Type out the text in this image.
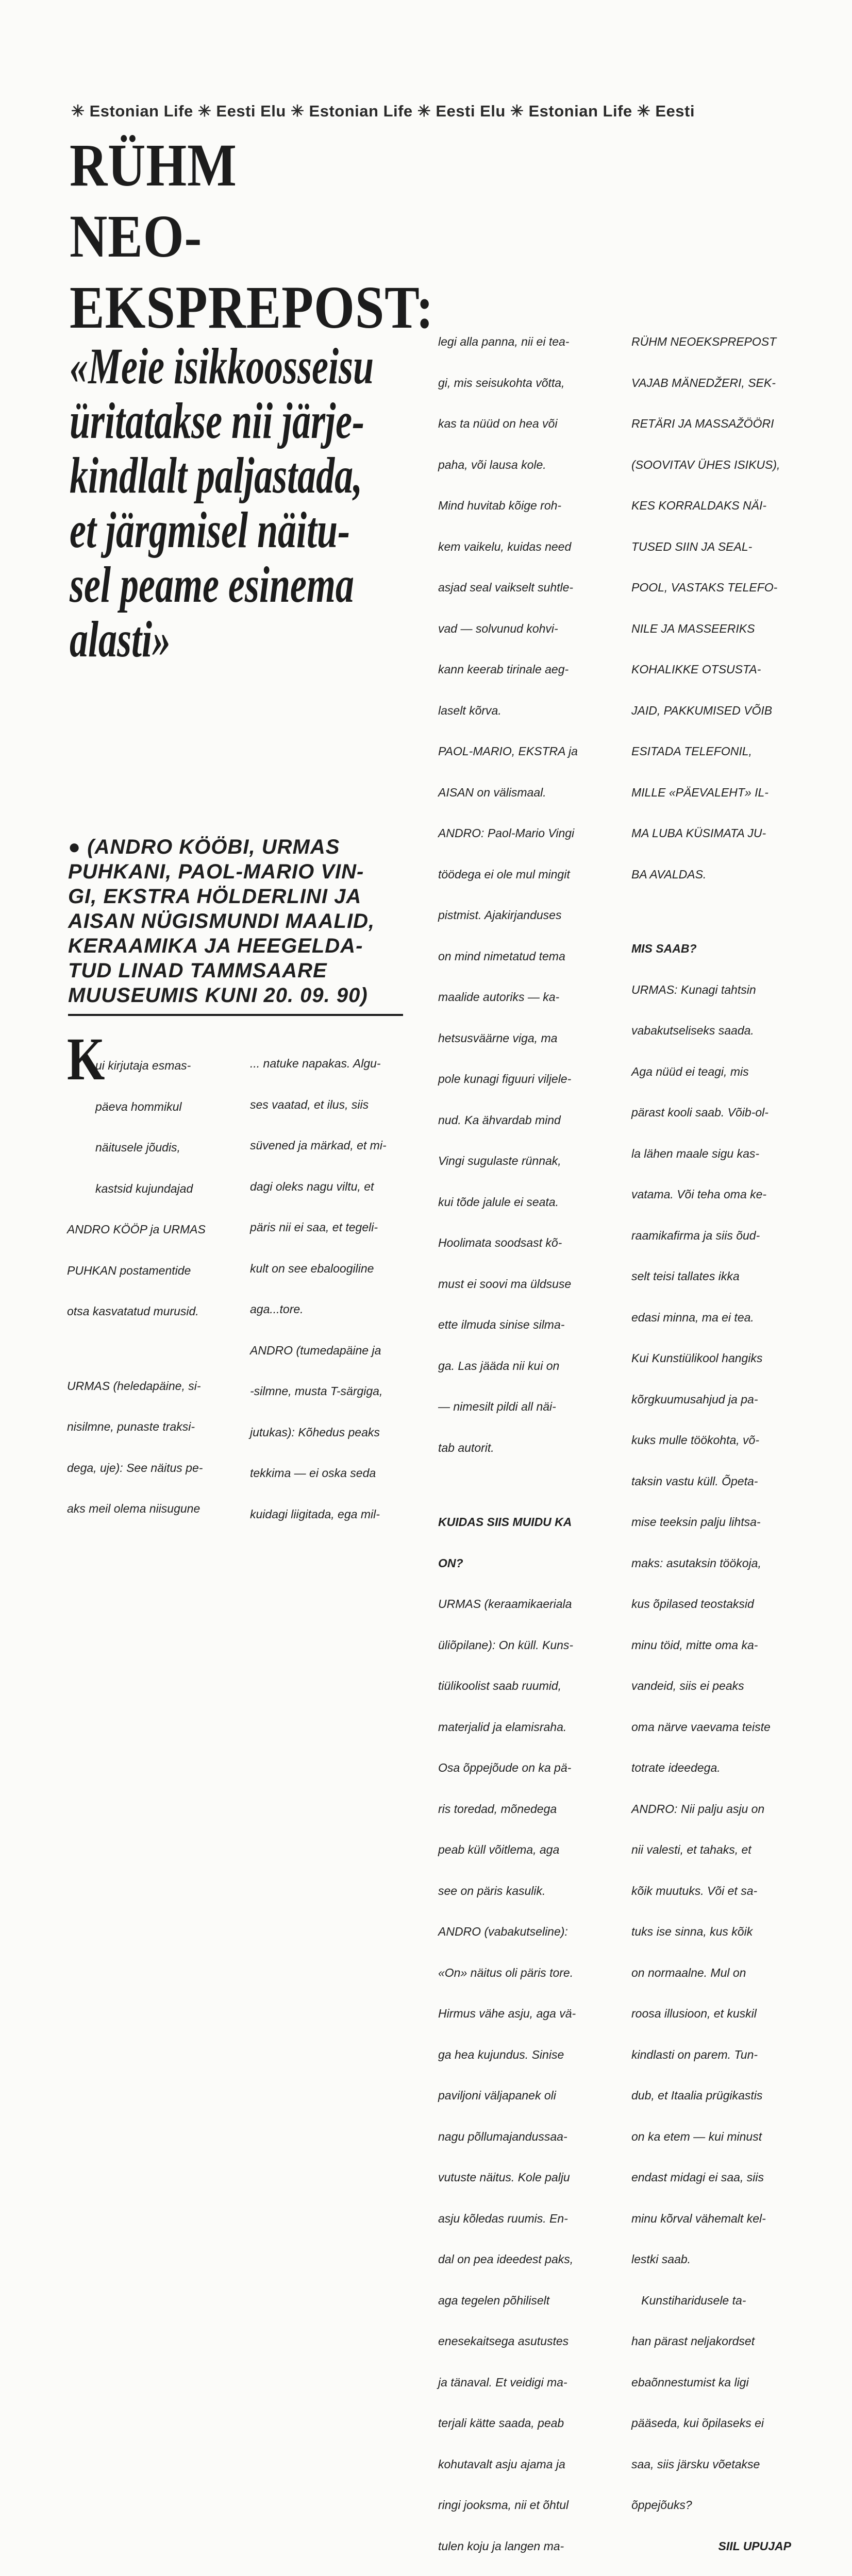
✳ Estonian Life ✳ Eesti Elu ✳ Estonian Life ✳ Eesti Elu ✳ Estonian Life ✳ Eesti
RÜHM
NEO-
EKSPREPOST:
«Meie isikkoosseisu
üritatakse nii järje-
kindlalt paljastada,
et järgmisel näitu-
sel peame esinema
alasti»
● (ANDRO KÖÖBI, URMAS
PUHKANI, PAOL-MARIO VIN-
GI, EKSTRA HÖLDERLINI JA
AISAN NÜGISMUNDI MAALID,
KERAAMIKA JA HEEGELDA-
TUD LINAD TAMMSAARE
MUUSEUMIS KUNI 20. 09. 90)
K

ui kirjutaja esmas-

päeva hommikul

näitusele jõudis,

kastsid kujundajad

ANDRO KÖÖP ja URMAS

PUHKAN postamentide

otsa kasvatatud murusid.

URMAS (heledapäine, si-

nisilmne, punaste traksi-

dega, uje): See näitus pe-

aks meil olema niisugune

... natuke napakas. Algu-

ses vaatad, et ilus, siis

süvened ja märkad, et mi-

dagi oleks nagu viltu, et

päris nii ei saa, et tegeli-

kult on see ebaloogiline

aga...tore.

ANDRO (tumedapäine ja

-silmne, musta T-särgiga,

jutukas): Kõhedus peaks

tekkima — ei oska seda

kuidagi liigitada, ega mil-

legi alla panna, nii ei tea-

gi, mis seisukohta võtta,

kas ta nüüd on hea või

paha, või lausa kole.

Mind huvitab kõige roh-

kem vaikelu, kuidas need

asjad seal vaikselt suhtle-

vad — solvunud kohvi-

kann keerab tirinale aeg-

laselt kõrva.

PAOL-MARIO, EKSTRA ja

AISAN on välismaal.

ANDRO: Paol-Mario Vingi

töödega ei ole mul mingit

pistmist. Ajakirjanduses

on mind nimetatud tema

maalide autoriks — ka-

hetsusväärne viga, ma

pole kunagi figuuri viljele-

nud. Ka ähvardab mind

Vingi sugulaste rünnak,

kui tõde jalule ei seata.

Hoolimata soodsast kõ-

must ei soovi ma üldsuse

ette ilmuda sinise silma-

ga. Las jääda nii kui on

— nimesilt pildi all näi-

tab autorit.

KUIDAS SIIS MUIDU KA

ON?

URMAS (keraamikaeriala

üliõpilane): On küll. Kuns-

tiülikoolist saab ruumid,

materjalid ja elamisraha.

Osa õppejõude on ka pä-

ris toredad, mõnedega

peab küll võitlema, aga

see on päris kasulik.

ANDRO (vabakutseline):

«On» näitus oli päris tore.

Hirmus vähe asju, aga vä-

ga hea kujundus. Sinise

paviljoni väljapanek oli

nagu põllumajandussaa-

vutuste näitus. Kole palju

asju kõledas ruumis. En-

dal on pea ideedest paks,

aga tegelen põhiliselt

enesekaitsega asutustes

ja tänaval. Et veidigi ma-

terjali kätte saada, peab

kohutavalt asju ajama ja

ringi jooksma, nii et õhtul

tulen koju ja langen ma-

RÜHM NEOEKSPREPOST

VAJAB MÄNEDŽERI, SEK-

RETÄRI JA MASSAŽÖÖRI

(SOOVITAV ÜHES ISIKUS),

KES KORRALDAKS NÄI-

TUSED SIIN JA SEAL-

POOL, VASTAKS TELEFO-

NILE JA MASSEERIKS

KOHALIKKE OTSUSTA-

JAID, PAKKUMISED VÕIB

ESITADA TELEFONIL,

MILLE «PÄEVALEHT» IL-

MA LUBA KÜSIMATA JU-

BA AVALDAS.

MIS SAAB?

URMAS: Kunagi tahtsin

vabakutseliseks saada.

Aga nüüd ei teagi, mis

pärast kooli saab. Võib-ol-

la lähen maale sigu kas-

vatama. Või teha oma ke-

raamikafirma ja siis õud-

selt teisi tallates ikka

edasi minna, ma ei tea.

Kui Kunstiülikool hangiks

kõrgkuumusahjud ja pa-

kuks mulle töökohta, võ-

taksin vastu küll. Õpeta-

mise teeksin palju lihtsa-

maks: asutaksin töökoja,

kus õpilased teostaksid

minu töid, mitte oma ka-

vandeid, siis ei peaks

oma närve vaevama teiste

totrate ideedega.

ANDRO: Nii palju asju on

nii valesti, et tahaks, et

kõik muutuks. Või et sa-

tuks ise sinna, kus kõik

on normaalne. Mul on

roosa illusioon, et kuskil

kindlasti on parem. Tun-

dub, et Itaalia prügikastis

on ka etem — kui minust

endast midagi ei saa, siis

minu kõrval vähemalt kel-

lestki saab.

Kunstiharidusele ta-

han pärast neljakordset

ebaõnnestumist ka ligi

pääseda, kui õpilaseks ei

saa, siis järsku võetakse

õppejõuks?

SIIL UPUJAP
